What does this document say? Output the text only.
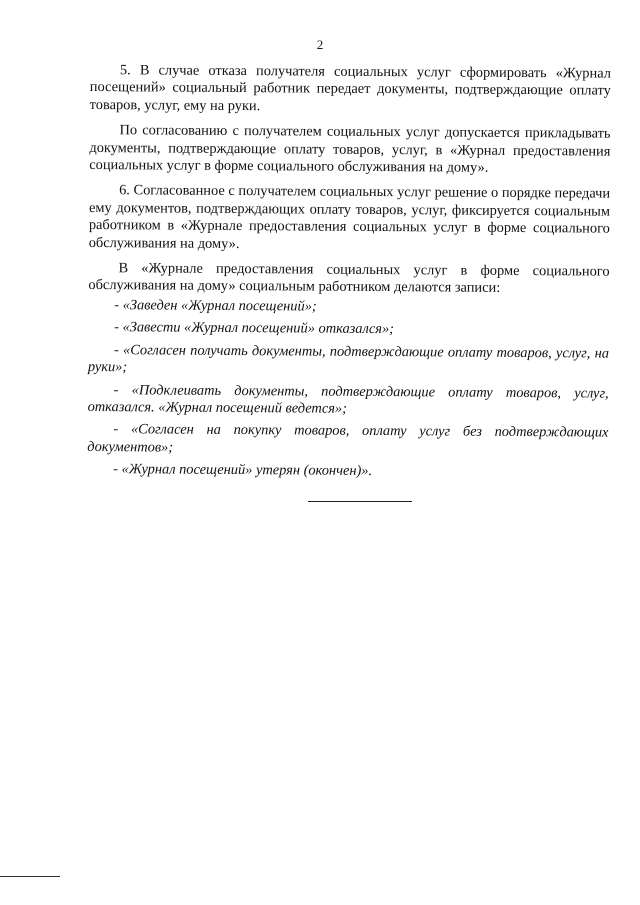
2

5. В случае отказа получателя социальных услуг сформировать «Журнал посещений» социальный работник передает документы, подтверждающие оплату товаров, услуг, ему на руки.

По согласованию с получателем социальных услуг допускается прикладывать документы, подтверждающие оплату товаров, услуг, в «Журнал предоставления социальных услуг в форме социального обслуживания на дому».

6. Согласованное с получателем социальных услуг решение о порядке передачи ему документов, подтверждающих оплату товаров, услуг, фиксируется социальным работником в «Журнале предоставления социальных услуг в форме социального обслуживания на дому».

В «Журнале предоставления социальных услуг в форме социального обслуживания на дому» социальным работником делаются записи:

- «Заведен «Журнал посещений»;
- «Завести «Журнал посещений» отказался»;
- «Согласен получать документы, подтверждающие оплату товаров, услуг, на руки»;
- «Подклеивать документы, подтверждающие оплату товаров, услуг, отказался. «Журнал посещений ведется»;
- «Согласен на покупку товаров, оплату услуг без подтверждающих документов»;
- «Журнал посещений» утерян (окончен)».
